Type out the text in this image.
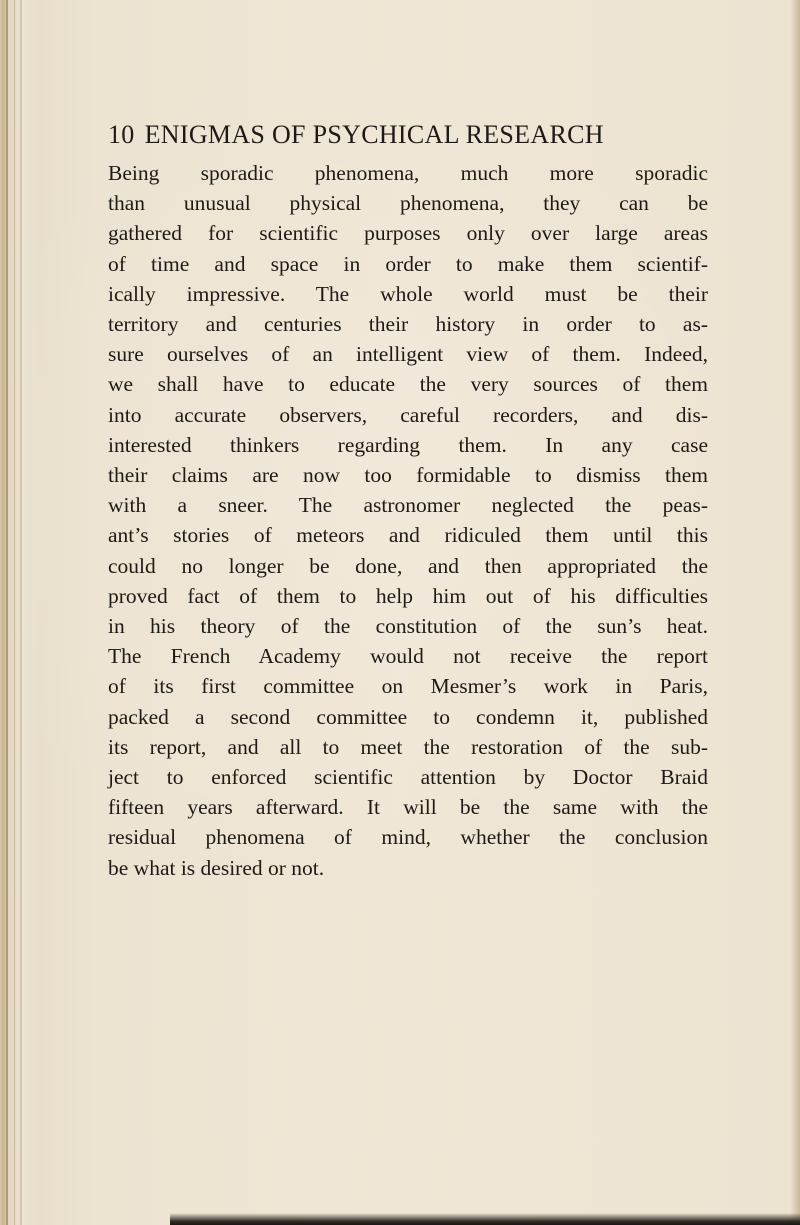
10 ENIGMAS OF PSYCHICAL RESEARCH
Being sporadic phenomena, much more sporadic
than unusual physical phenomena, they can be
gathered for scientific purposes only over large areas
of time and space in order to make them scientif-
ically impressive. The whole world must be their
territory and centuries their history in order to as-
sure ourselves of an intelligent view of them. Indeed,
we shall have to educate the very sources of them
into accurate observers, careful recorders, and dis-
interested thinkers regarding them. In any case
their claims are now too formidable to dismiss them
with a sneer. The astronomer neglected the peas-
ant’s stories of meteors and ridiculed them until this
could no longer be done, and then appropriated the
proved fact of them to help him out of his difficulties
in his theory of the constitution of the sun’s heat.
The French Academy would not receive the report
of its first committee on Mesmer’s work in Paris,
packed a second committee to condemn it, published
its report, and all to meet the restoration of the sub-
ject to enforced scientific attention by Doctor Braid
fifteen years afterward. It will be the same with the
residual phenomena of mind, whether the conclusion
be what is desired or not.
